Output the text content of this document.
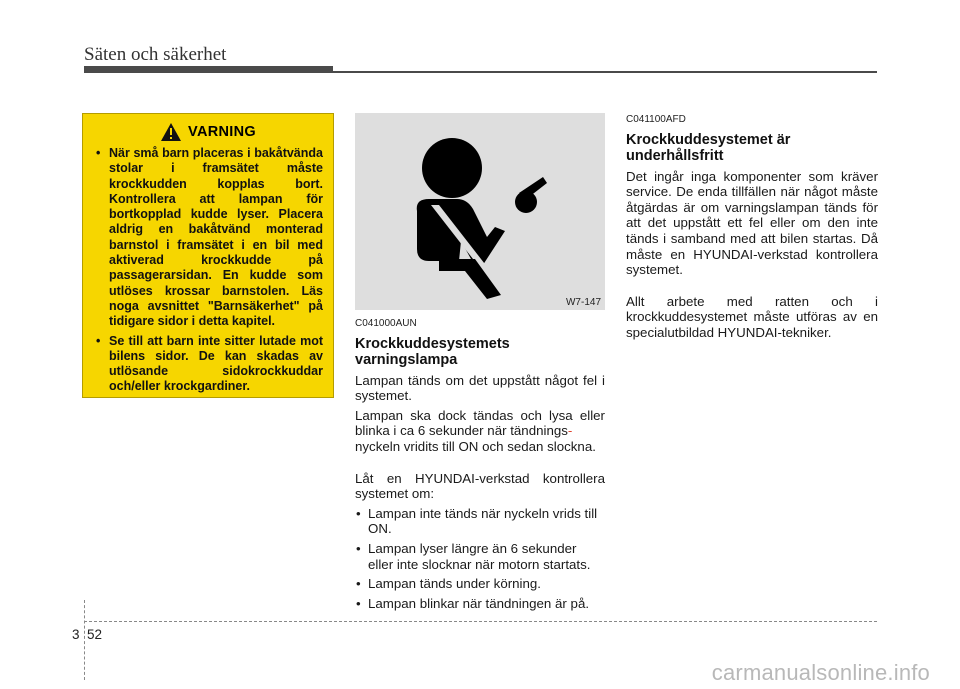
Säten och säkerhet
VARNING
• När små barn placeras i bakåtvända stolar i framsätet måste krockkudden kopplas bort. Kontrollera att lampan för bortkopplad kudde lyser. Placera aldrig en bakåtvänd monterad barnstol i framsätet i en bil med aktiverad krockkudde på passagerarsidan. En kudde som utlöses krossar barnstolen. Läs noga avsnittet "Barnsäkerhet" på tidigare sidor i detta kapitel.
• Se till att barn inte sitter lutade mot bilens sidor. De kan skadas av utlösande sidokrockkuddar och/eller krockgardiner.
W7-147
C041000AUN
Krockkuddesystemets varningslampa

Lampan tänds om det uppstått något fel i systemet.

Lampan ska dock tändas och lysa eller blinka i ca 6 sekunder när tändnings-
nyckeln vridits till ON och sedan slockna.

Låt en HYUNDAI-verkstad kontrollera systemet om:

• Lampan inte tänds när nyckeln vrids till ON.
• Lampan lyser längre än 6 sekunder eller inte slocknar när motorn startats.
• Lampan tänds under körning.
• Lampan blinkar när tändningen är på.
C041100AFD
Krockkuddesystemet är underhållsfritt

Det ingår inga komponenter som kräver service. De enda tillfällen när något måste åtgärdas är om varningslampan tänds för att det uppstått ett fel eller om den inte tänds i samband med att bilen startas. Då måste en HYUNDAI-verkstad kontrollera systemet.

Allt arbete med ratten och i krockkuddesystemet måste utföras av en specialutbildad HYUNDAI-tekniker.

3 52
carmanualsonline.info
